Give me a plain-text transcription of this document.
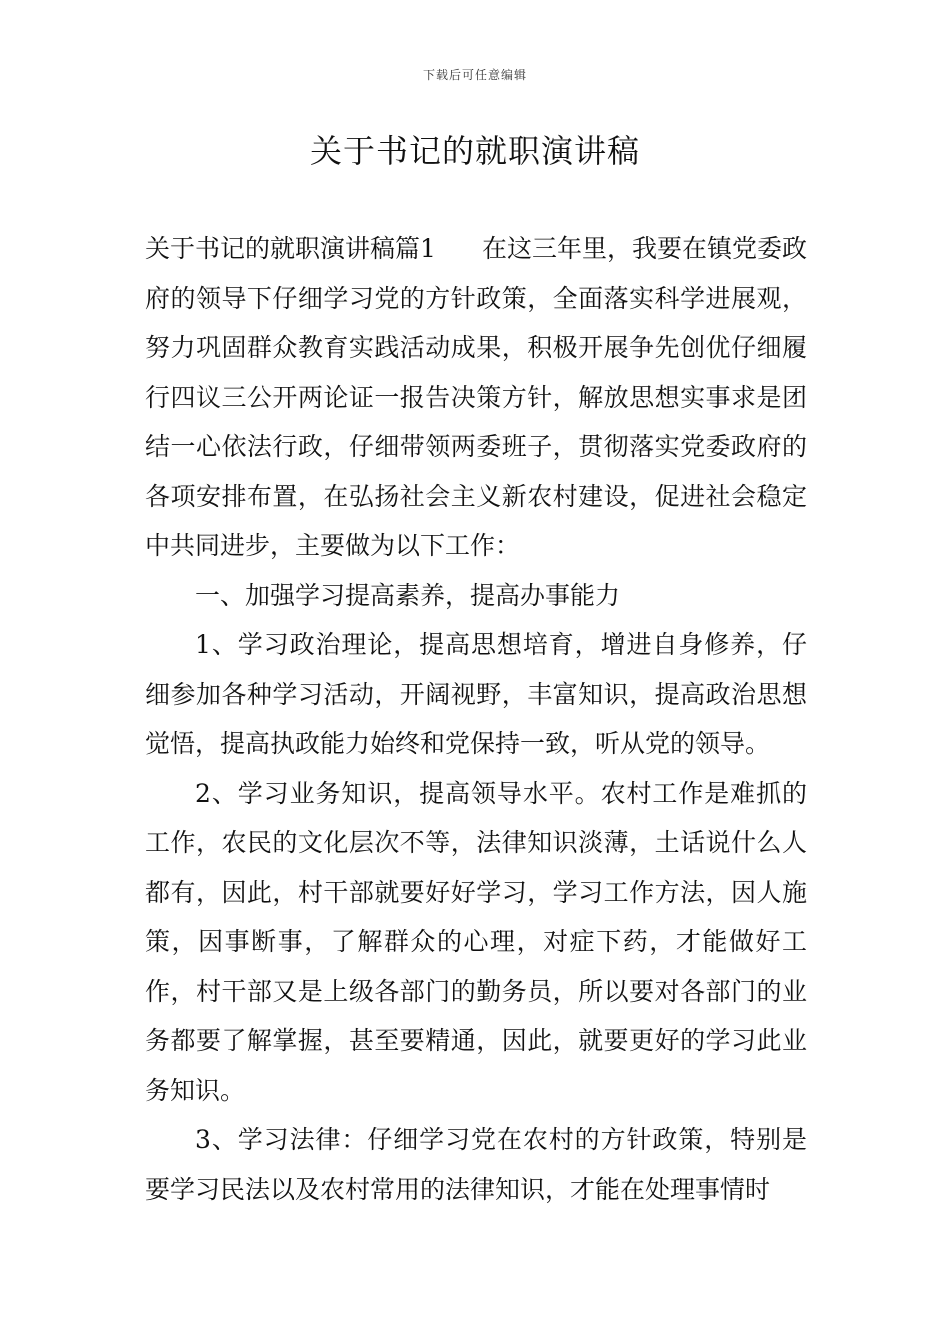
下载后可任意编辑
关于书记的就职演讲稿

关于书记的就职演讲稿篇1 在这三年里，我要在镇党委政府的领导下仔细学习党的方针政策，全面落实科学进展观，努力巩固群众教育实践活动成果，积极开展争先创优仔细履行四议三公开两论证一报告决策方针，解放思想实事求是团结一心依法行政，仔细带领两委班子，贯彻落实党委政府的各项安排布置，在弘扬社会主义新农村建设，促进社会稳定中共同进步，主要做为以下工作：

一、加强学习提高素养，提高办事能力

1、学习政治理论，提高思想培育，增进自身修养，仔细参加各种学习活动，开阔视野，丰富知识，提高政治思想觉悟，提高执政能力始终和党保持一致，听从党的领导。

2、学习业务知识，提高领导水平。农村工作是难抓的工作，农民的文化层次不等，法律知识淡薄，土话说什么人都有，因此，村干部就要好好学习，学习工作方法，因人施策，因事断事，了解群众的心理，对症下药，才能做好工作，村干部又是上级各部门的勤务员，所以要对各部门的业务都要了解掌握，甚至要精通，因此，就要更好的学习此业务知识。

3、学习法律：仔细学习党在农村的方针政策，特别是要学习民法以及农村常用的法律知识，才能在处理事情时
